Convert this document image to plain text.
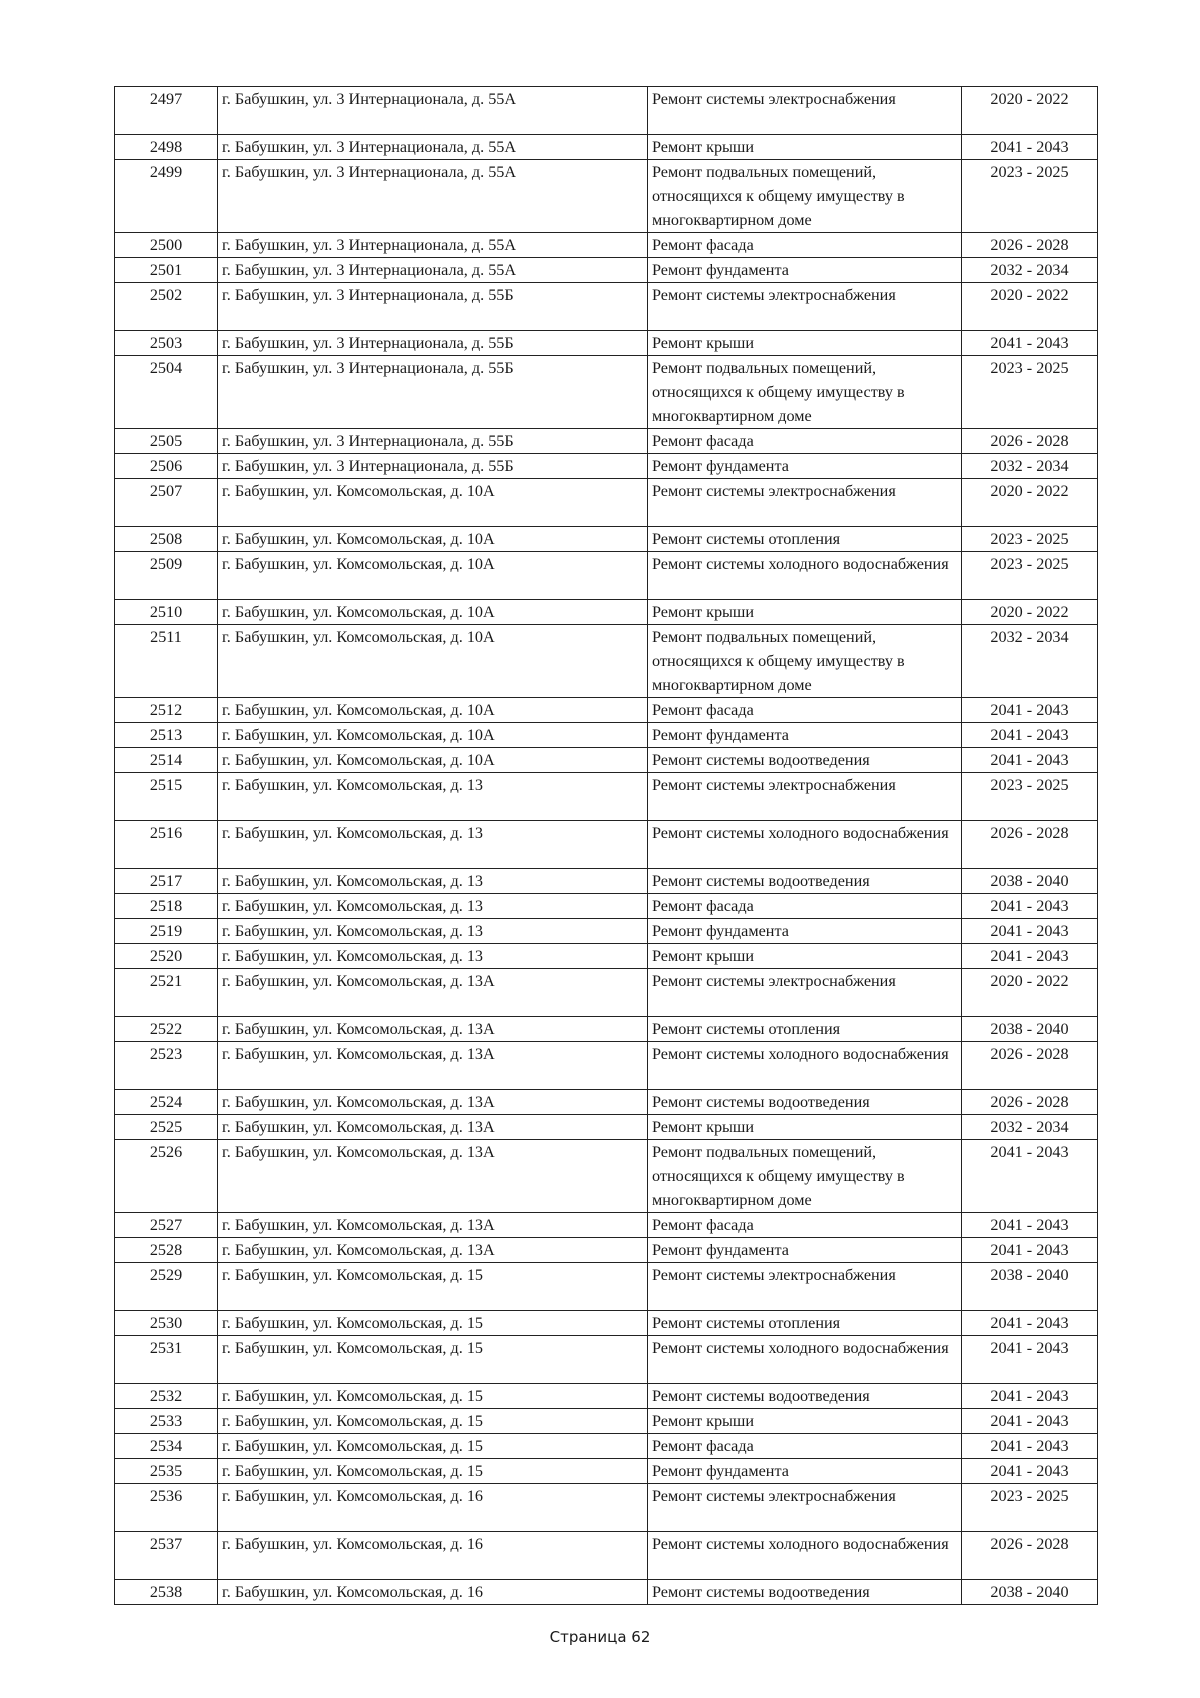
2497	г. Бабушкин, ул. 3 Интернационала, д. 55А	Ремонт системы электроснабжения	2020 - 2022
2498	г. Бабушкин, ул. 3 Интернационала, д. 55А	Ремонт крыши	2041 - 2043
2499	г. Бабушкин, ул. 3 Интернационала, д. 55А	Ремонт подвальных помещений, относящихся к общему имуществу в многоквартирном доме	2023 - 2025
2500	г. Бабушкин, ул. 3 Интернационала, д. 55А	Ремонт фасада	2026 - 2028
2501	г. Бабушкин, ул. 3 Интернационала, д. 55А	Ремонт фундамента	2032 - 2034
2502	г. Бабушкин, ул. 3 Интернационала, д. 55Б	Ремонт системы электроснабжения	2020 - 2022
2503	г. Бабушкин, ул. 3 Интернационала, д. 55Б	Ремонт крыши	2041 - 2043
2504	г. Бабушкин, ул. 3 Интернационала, д. 55Б	Ремонт подвальных помещений, относящихся к общему имуществу в многоквартирном доме	2023 - 2025
2505	г. Бабушкин, ул. 3 Интернационала, д. 55Б	Ремонт фасада	2026 - 2028
2506	г. Бабушкин, ул. 3 Интернационала, д. 55Б	Ремонт фундамента	2032 - 2034
2507	г. Бабушкин, ул. Комсомольская, д. 10А	Ремонт системы электроснабжения	2020 - 2022
2508	г. Бабушкин, ул. Комсомольская, д. 10А	Ремонт системы отопления	2023 - 2025
2509	г. Бабушкин, ул. Комсомольская, д. 10А	Ремонт системы холодного водоснабжения	2023 - 2025
2510	г. Бабушкин, ул. Комсомольская, д. 10А	Ремонт крыши	2020 - 2022
2511	г. Бабушкин, ул. Комсомольская, д. 10А	Ремонт подвальных помещений, относящихся к общему имуществу в многоквартирном доме	2032 - 2034
2512	г. Бабушкин, ул. Комсомольская, д. 10А	Ремонт фасада	2041 - 2043
2513	г. Бабушкин, ул. Комсомольская, д. 10А	Ремонт фундамента	2041 - 2043
2514	г. Бабушкин, ул. Комсомольская, д. 10А	Ремонт системы водоотведения	2041 - 2043
2515	г. Бабушкин, ул. Комсомольская, д. 13	Ремонт системы электроснабжения	2023 - 2025
2516	г. Бабушкин, ул. Комсомольская, д. 13	Ремонт системы холодного водоснабжения	2026 - 2028
2517	г. Бабушкин, ул. Комсомольская, д. 13	Ремонт системы водоотведения	2038 - 2040
2518	г. Бабушкин, ул. Комсомольская, д. 13	Ремонт фасада	2041 - 2043
2519	г. Бабушкин, ул. Комсомольская, д. 13	Ремонт фундамента	2041 - 2043
2520	г. Бабушкин, ул. Комсомольская, д. 13	Ремонт крыши	2041 - 2043
2521	г. Бабушкин, ул. Комсомольская, д. 13А	Ремонт системы электроснабжения	2020 - 2022
2522	г. Бабушкин, ул. Комсомольская, д. 13А	Ремонт системы отопления	2038 - 2040
2523	г. Бабушкин, ул. Комсомольская, д. 13А	Ремонт системы холодного водоснабжения	2026 - 2028
2524	г. Бабушкин, ул. Комсомольская, д. 13А	Ремонт системы водоотведения	2026 - 2028
2525	г. Бабушкин, ул. Комсомольская, д. 13А	Ремонт крыши	2032 - 2034
2526	г. Бабушкин, ул. Комсомольская, д. 13А	Ремонт подвальных помещений, относящихся к общему имуществу в многоквартирном доме	2041 - 2043
2527	г. Бабушкин, ул. Комсомольская, д. 13А	Ремонт фасада	2041 - 2043
2528	г. Бабушкин, ул. Комсомольская, д. 13А	Ремонт фундамента	2041 - 2043
2529	г. Бабушкин, ул. Комсомольская, д. 15	Ремонт системы электроснабжения	2038 - 2040
2530	г. Бабушкин, ул. Комсомольская, д. 15	Ремонт системы отопления	2041 - 2043
2531	г. Бабушкин, ул. Комсомольская, д. 15	Ремонт системы холодного водоснабжения	2041 - 2043
2532	г. Бабушкин, ул. Комсомольская, д. 15	Ремонт системы водоотведения	2041 - 2043
2533	г. Бабушкин, ул. Комсомольская, д. 15	Ремонт крыши	2041 - 2043
2534	г. Бабушкин, ул. Комсомольская, д. 15	Ремонт фасада	2041 - 2043
2535	г. Бабушкин, ул. Комсомольская, д. 15	Ремонт фундамента	2041 - 2043
2536	г. Бабушкин, ул. Комсомольская, д. 16	Ремонт системы электроснабжения	2023 - 2025
2537	г. Бабушкин, ул. Комсомольская, д. 16	Ремонт системы холодного водоснабжения	2026 - 2028
2538	г. Бабушкин, ул. Комсомольская, д. 16	Ремонт системы водоотведения	2038 - 2040
Страница 62
